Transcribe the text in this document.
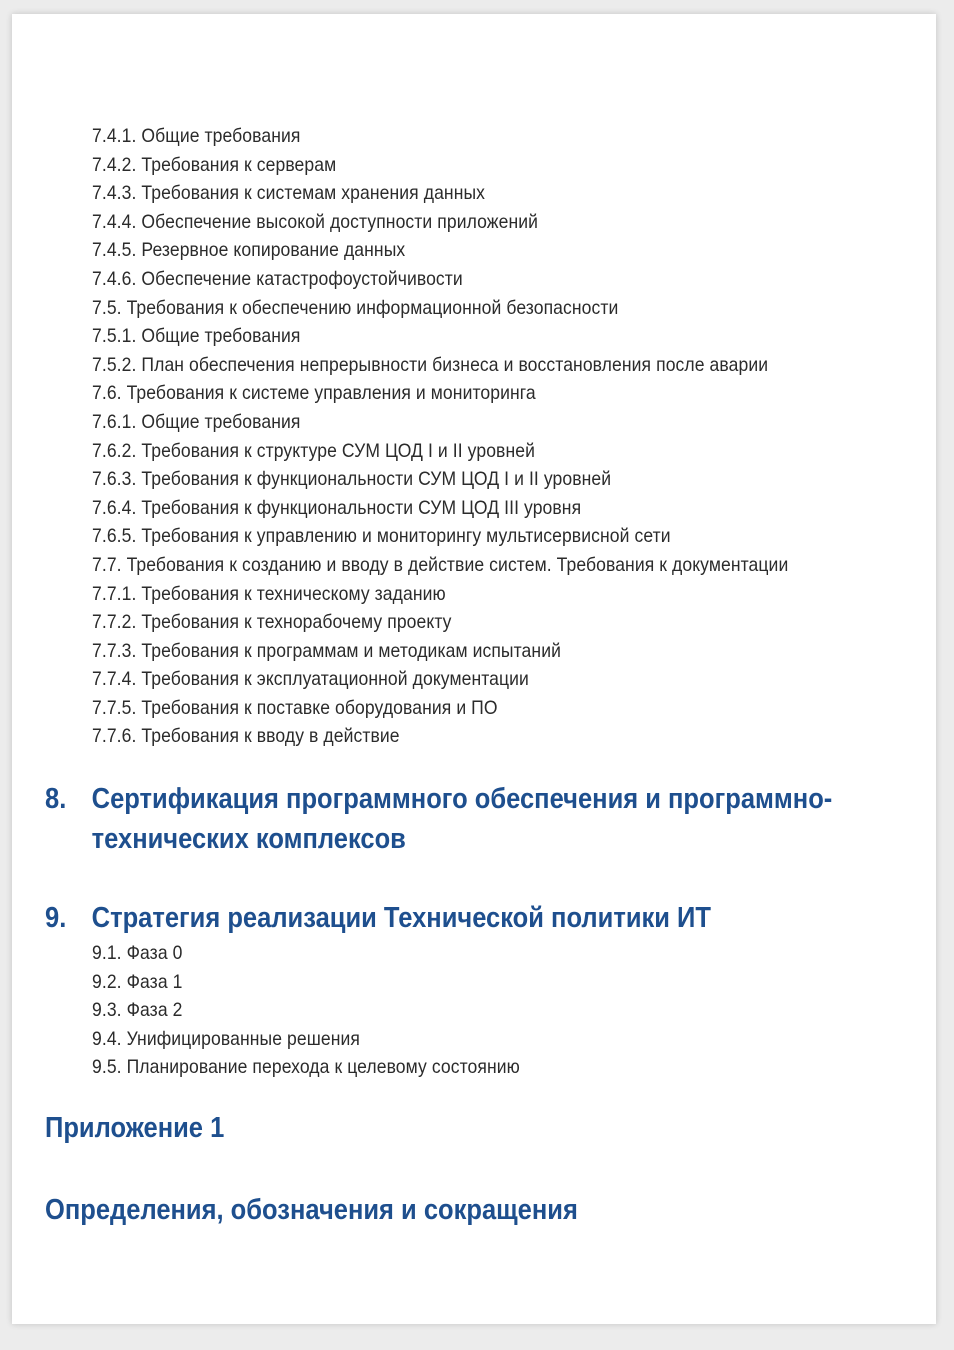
7.4.1. Общие требования
7.4.2. Требования к серверам
7.4.3. Требования к системам хранения данных
7.4.4. Обеспечение высокой доступности приложений
7.4.5. Резервное копирование данных
7.4.6. Обеспечение катастрофоустойчивости
7.5. Требования к обеспечению информационной безопасности
7.5.1. Общие требования
7.5.2. План обеспечения непрерывности бизнеса и восстановления после аварии
7.6. Требования к системе управления и мониторинга
7.6.1. Общие требования
7.6.2. Требования к структуре СУМ ЦОД I и II уровней
7.6.3. Требования к функциональности СУМ ЦОД I и II уровней
7.6.4. Требования к функциональности СУМ ЦОД III уровня
7.6.5. Требования к управлению и мониторингу мультисервисной сети
7.7. Требования к созданию и вводу в действие систем. Требования к документации
7.7.1. Требования к техническому заданию
7.7.2. Требования к технорабочему проекту
7.7.3. Требования к программам и методикам испытаний
7.7.4. Требования к эксплуатационной документации
7.7.5. Требования к поставке оборудования и ПО
7.7.6. Требования к вводу в действие
8. Сертификация программного обеспечения и программно-
технических комплексов
9. Стратегия реализации Технической политики ИТ
9.1. Фаза 0
9.2. Фаза 1
9.3. Фаза 2
9.4. Унифицированные решения
9.5. Планирование перехода к целевому состоянию
Приложение 1
Определения, обозначения и сокращения
